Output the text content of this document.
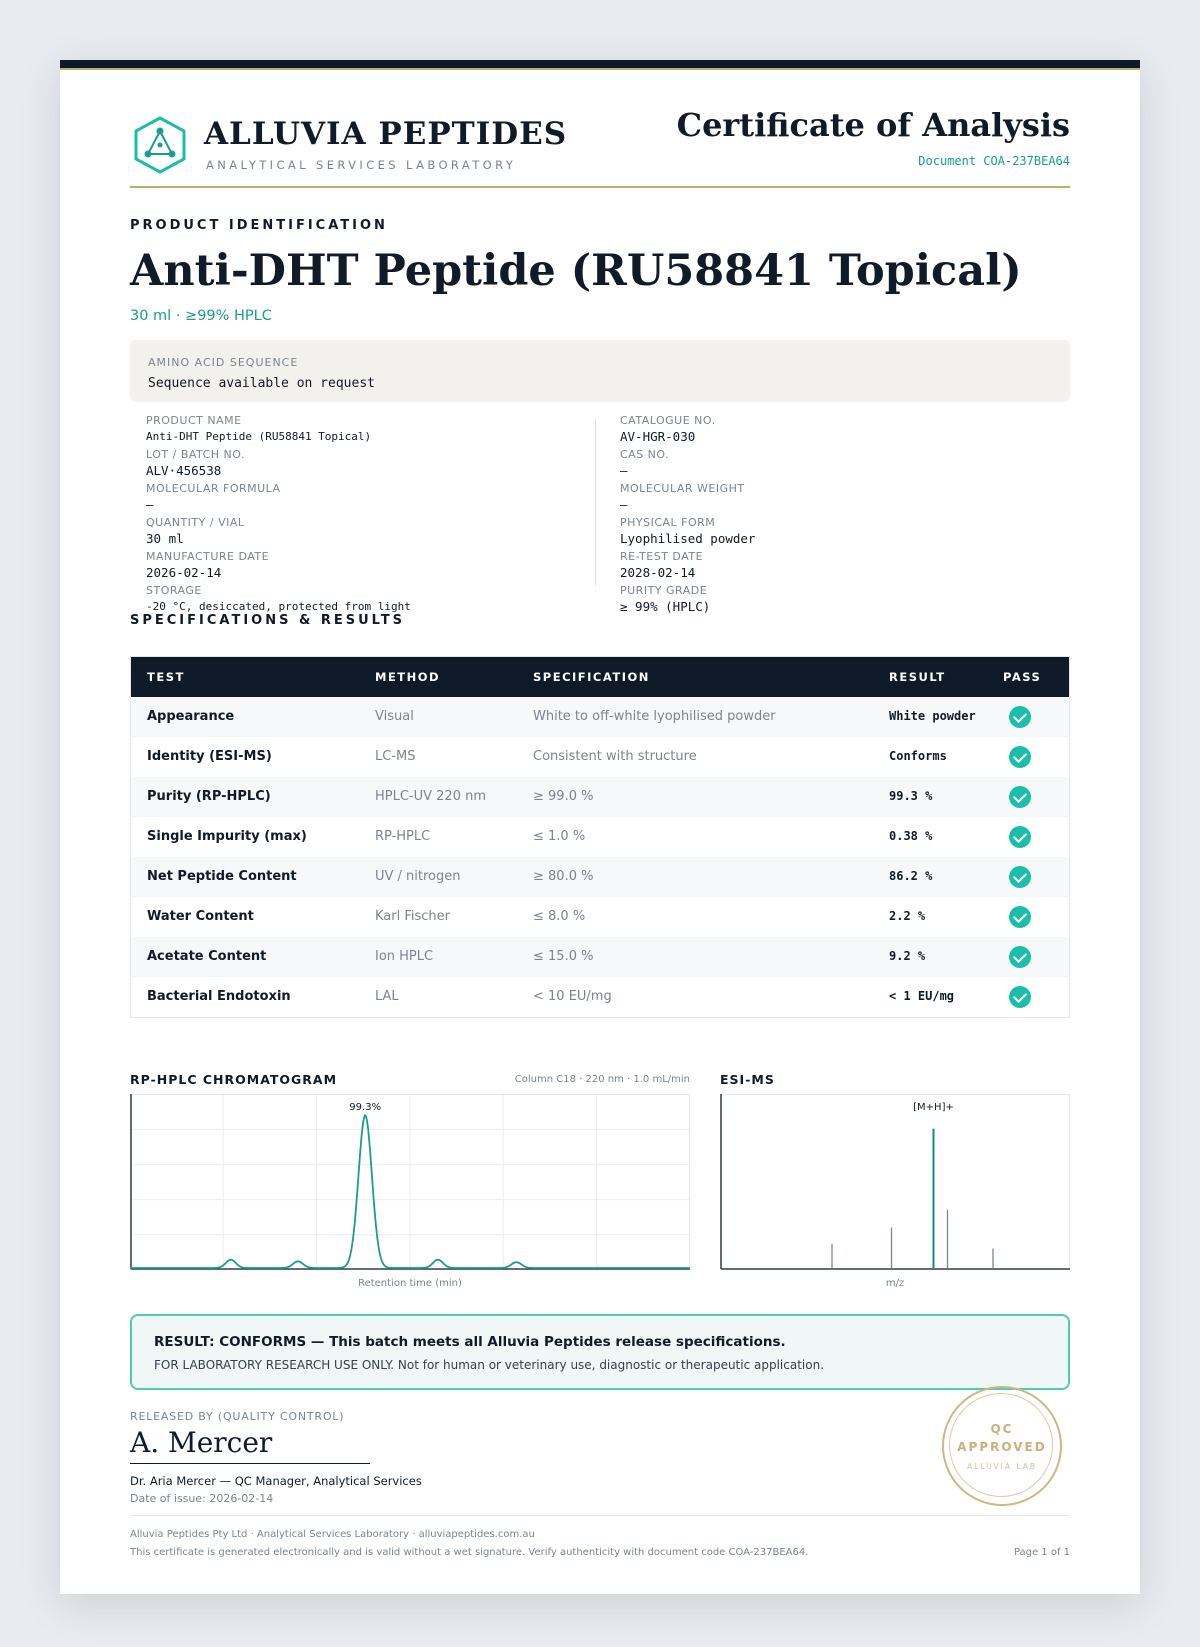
ALLUVIA PEPTIDES
ANALYTICAL SERVICES LABORATORY
Certificate of Analysis
Document COA-237BEA64
PRODUCT IDENTIFICATION
Anti-DHT Peptide (RU58841 Topical)
30 ml · ≥99% HPLC
AMINO ACID SEQUENCE
Sequence available on request
PRODUCT NAME
Anti-DHT Peptide (RU58841 Topical)
LOT / BATCH NO.
ALV·456538
MOLECULAR FORMULA
—
QUANTITY / VIAL
30 ml
MANUFACTURE DATE
2026-02-14
STORAGE
-20 °C, desiccated, protected from light
CATALOGUE NO.
AV-HGR-030
CAS NO.
—
MOLECULAR WEIGHT
—
PHYSICAL FORM
Lyophilised powder
RE-TEST DATE
2028-02-14
PURITY GRADE
≥ 99% (HPLC)
SPECIFICATIONS & RESULTS
TEST	METHOD	SPECIFICATION	RESULT	PASS
Appearance	Visual	White to off-white lyophilised powder	White powder
Identity (ESI-MS)	LC-MS	Consistent with structure	Conforms
Purity (RP-HPLC)	HPLC-UV 220 nm	≥ 99.0 %	99.3 %
Single Impurity (max)	RP-HPLC	≤ 1.0 %	0.38 %
Net Peptide Content	UV / nitrogen	≥ 80.0 %	86.2 %
Water Content	Karl Fischer	≤ 8.0 %	2.2 %
Acetate Content	Ion HPLC	≤ 15.0 %	9.2 %
Bacterial Endotoxin	LAL	< 10 EU/mg	< 1 EU/mg
RP-HPLC CHROMATOGRAM	Column C18 · 220 nm · 1.0 mL/min
99.3%
Retention time (min)
ESI-MS
[M+H]+
m/z
RESULT: CONFORMS — This batch meets all Alluvia Peptides release specifications.
FOR LABORATORY RESEARCH USE ONLY. Not for human or veterinary use, diagnostic or therapeutic application.
RELEASED BY (QUALITY CONTROL)
A. Mercer
Dr. Aria Mercer — QC Manager, Analytical Services
Date of issue: 2026-02-14
QC
APPROVED
ALLUVIA LAB
Alluvia Peptides Pty Ltd · Analytical Services Laboratory · alluviapeptides.com.au
This certificate is generated electronically and is valid without a wet signature. Verify authenticity with document code COA-237BEA64.	Page 1 of 1
